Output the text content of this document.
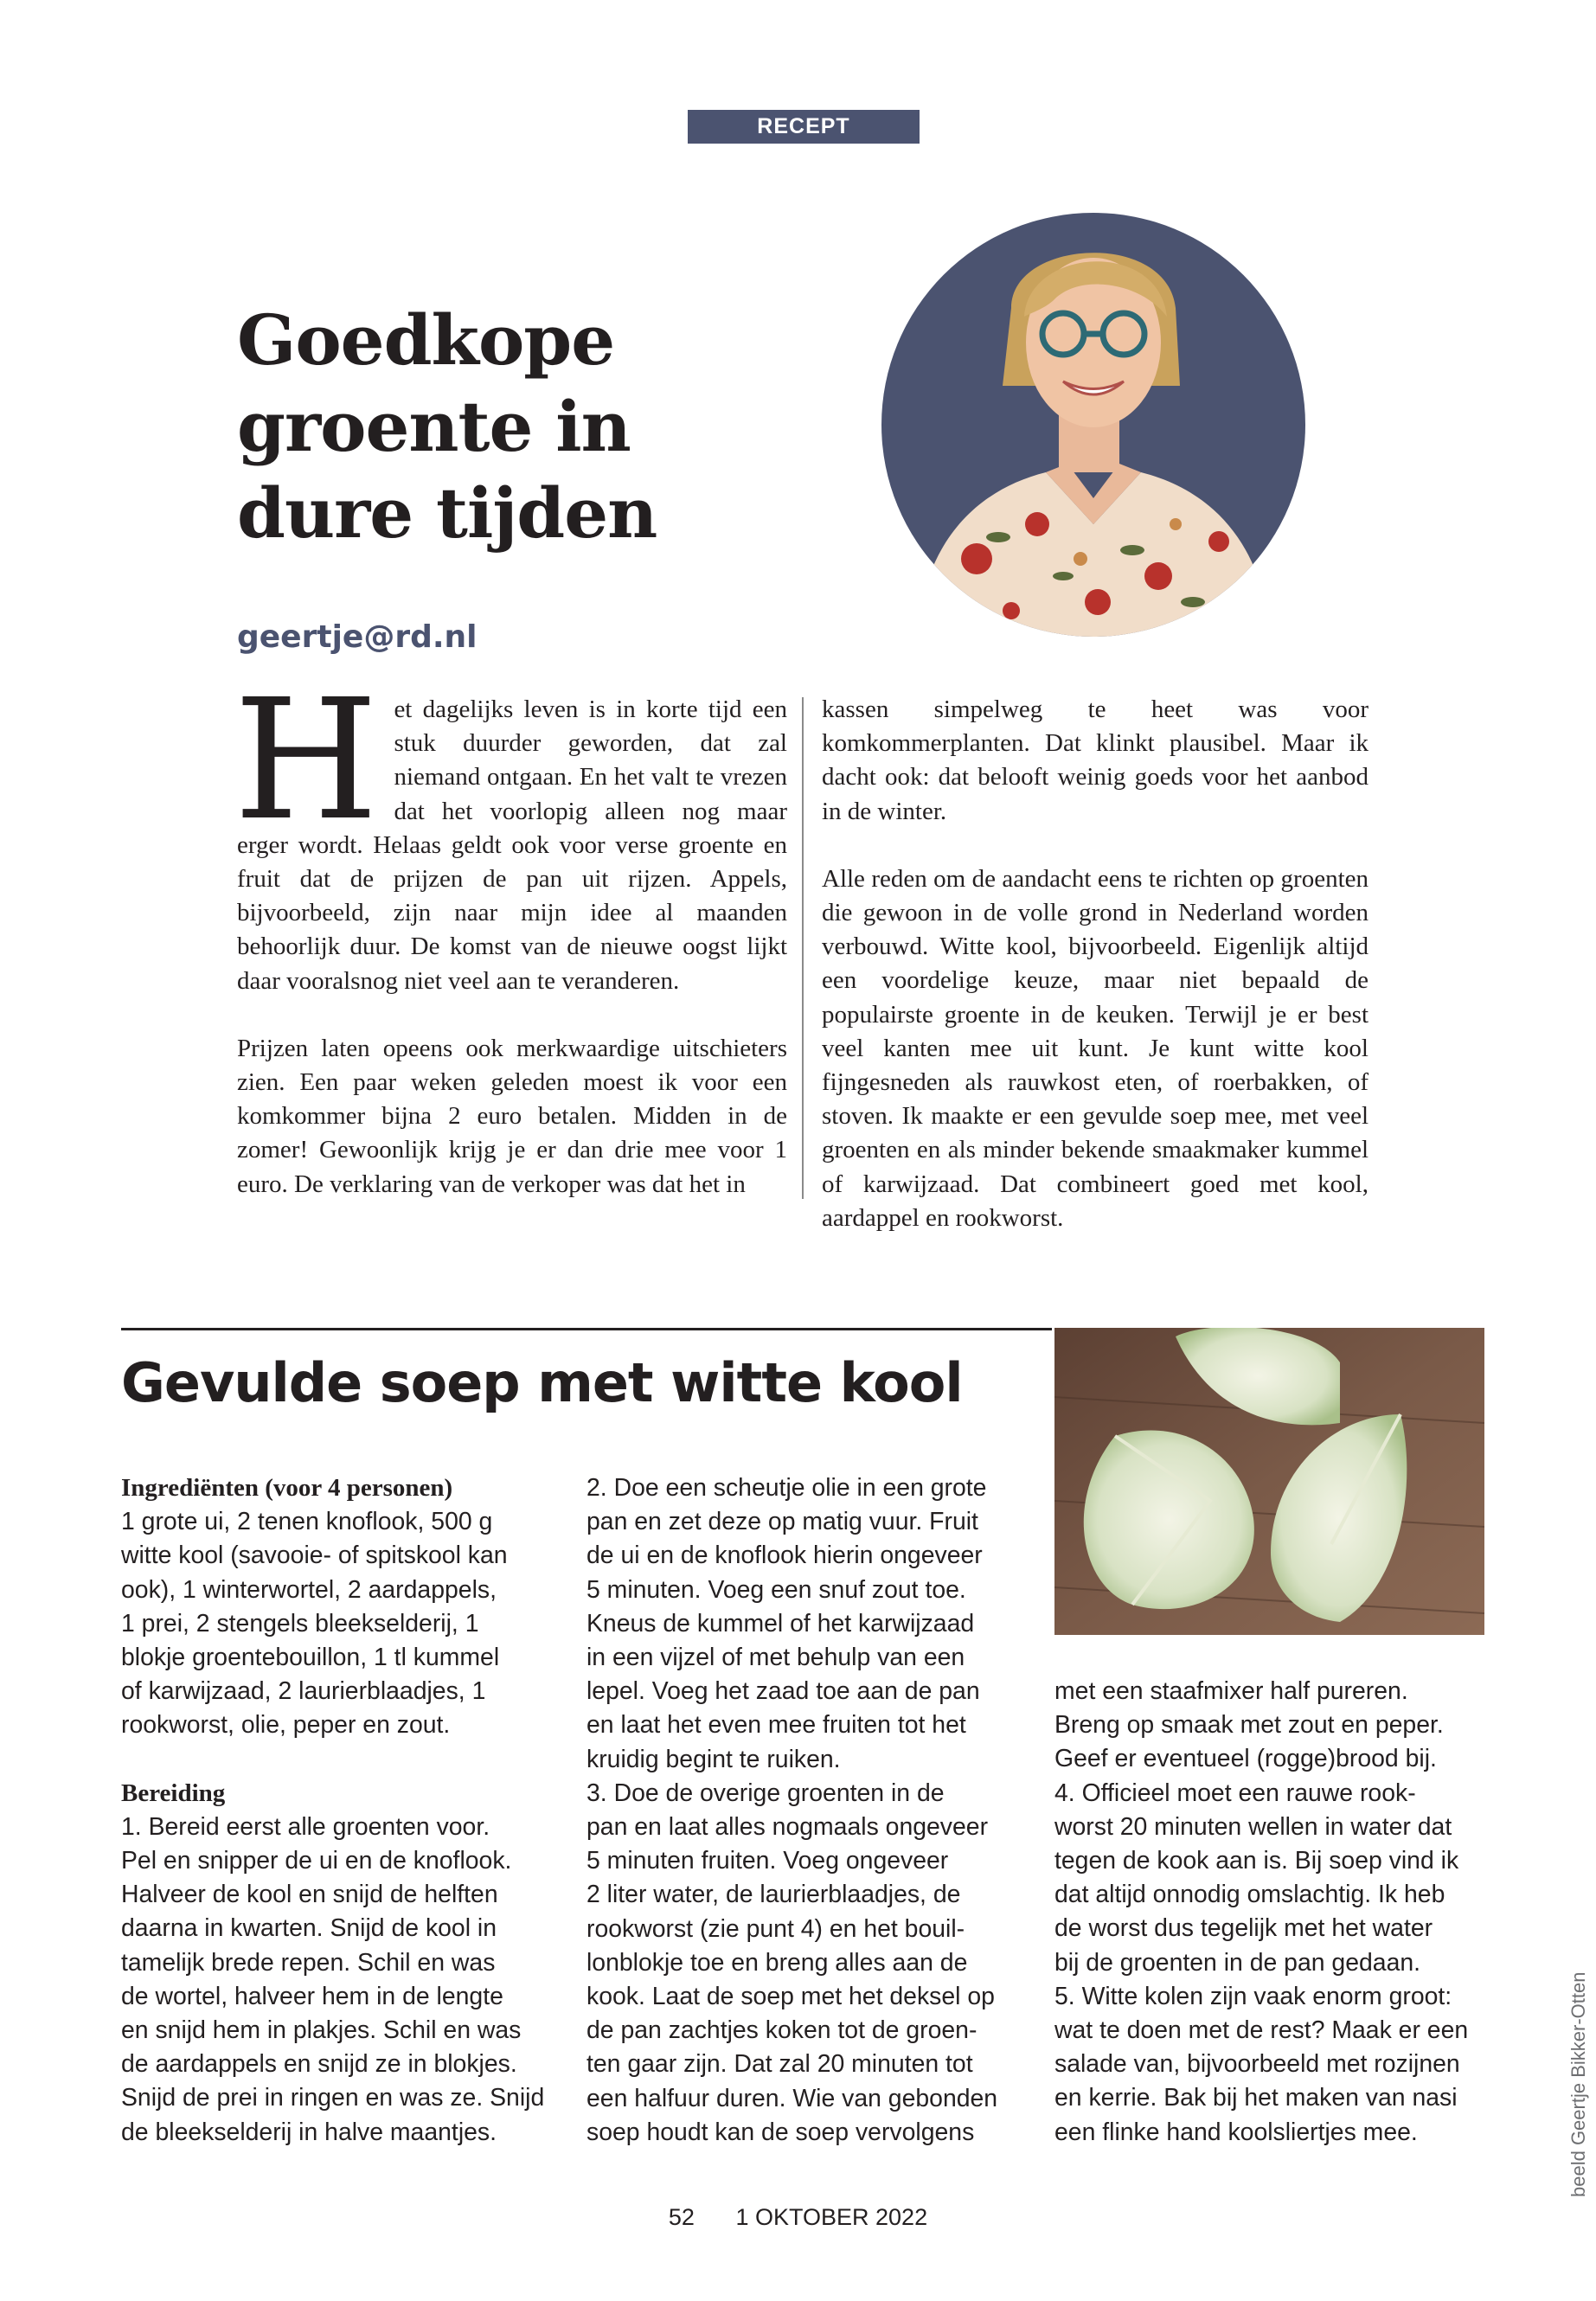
RECEPT
Goedkope
groente in
dure tijden
geertje@rd.nl

Het dagelijks leven is in korte tijd een stuk duurder geworden, dat zal niemand ontgaan. En het valt te vrezen dat het voorlopig alleen nog maar erger wordt. Helaas geldt ook voor verse groente en fruit dat de prijzen de pan uit rijzen. Appels, bijvoorbeeld, zijn naar mijn idee al maanden behoorlijk duur. De komst van de nieuwe oogst lijkt daar vooralsnog niet veel aan te veranderen.

Prijzen laten opeens ook merkwaardige uitschieters zien. Een paar weken geleden moest ik voor een komkommer bijna 2 euro betalen. Midden in de zomer! Gewoonlijk krijg je er dan drie mee voor 1 euro. De verklaring van de verkoper was dat het in

kassen simpelweg te heet was voor komkommerplanten. Dat klinkt plausibel. Maar ik dacht ook: dat belooft weinig goeds voor het aanbod in de winter.

Alle reden om de aandacht eens te richten op groenten die gewoon in de volle grond in Nederland worden verbouwd. Witte kool, bijvoorbeeld. Eigenlijk altijd een voordelige keuze, maar niet bepaald de populairste groente in de keuken. Terwijl je er best veel kanten mee uit kunt. Je kunt witte kool fijngesneden als rauwkost eten, of roerbakken, of stoven. Ik maakte er een gevulde soep mee, met veel groenten en als minder bekende smaakmaker kummel of karwijzaad. Dat combineert goed met kool, aardappel en rookworst.

Gevulde soep met witte kool
Ingrediënten (voor 4 personen)
1 grote ui, 2 tenen knoflook, 500 g
witte kool (savooie- of spitskool kan
ook), 1 winterwortel, 2 aardappels,
1 prei, 2 stengels bleekselderij, 1
blokje groentebouillon, 1 tl kummel
of karwijzaad, 2 laurierblaadjes, 1
rookworst, olie, peper en zout.
Bereiding
1. Bereid eerst alle groenten voor.
Pel en snipper de ui en de knoflook.
Halveer de kool en snijd de helften
daarna in kwarten. Snijd de kool in
tamelijk brede repen. Schil en was
de wortel, halveer hem in de lengte
en snijd hem in plakjes. Schil en was
de aardappels en snijd ze in blokjes.
Snijd de prei in ringen en was ze. Snijd
de bleekselderij in halve maantjes.
2. Doe een scheutje olie in een grote
pan en zet deze op matig vuur. Fruit
de ui en de knoflook hierin ongeveer
5 minuten. Voeg een snuf zout toe.
Kneus de kummel of het karwijzaad
in een vijzel of met behulp van een
lepel. Voeg het zaad toe aan de pan
en laat het even mee fruiten tot het
kruidig begint te ruiken.
3. Doe de overige groenten in de
pan en laat alles nogmaals ongeveer
5 minuten fruiten. Voeg ongeveer
2 liter water, de laurierblaadjes, de
rookworst (zie punt 4) en het bouil-
lonblokje toe en breng alles aan de
kook. Laat de soep met het deksel op
de pan zachtjes koken tot de groen-
ten gaar zijn. Dat zal 20 minuten tot
een halfuur duren. Wie van gebonden
soep houdt kan de soep vervolgens
met een staafmixer half pureren.
Breng op smaak met zout en peper.
Geef er eventueel (rogge)brood bij.
4. Officieel moet een rauwe rook-
worst 20 minuten wellen in water dat
tegen de kook aan is. Bij soep vind ik
dat altijd onnodig omslachtig. Ik heb
de worst dus tegelijk met het water
bij de groenten in de pan gedaan.
5. Witte kolen zijn vaak enorm groot:
wat te doen met de rest? Maak er een
salade van, bijvoorbeeld met rozijnen
en kerrie. Bak bij het maken van nasi
een flinke hand koolsliertjes mee.	beeld Geertje Bikker-Otten
52 1 OKTOBER 2022
